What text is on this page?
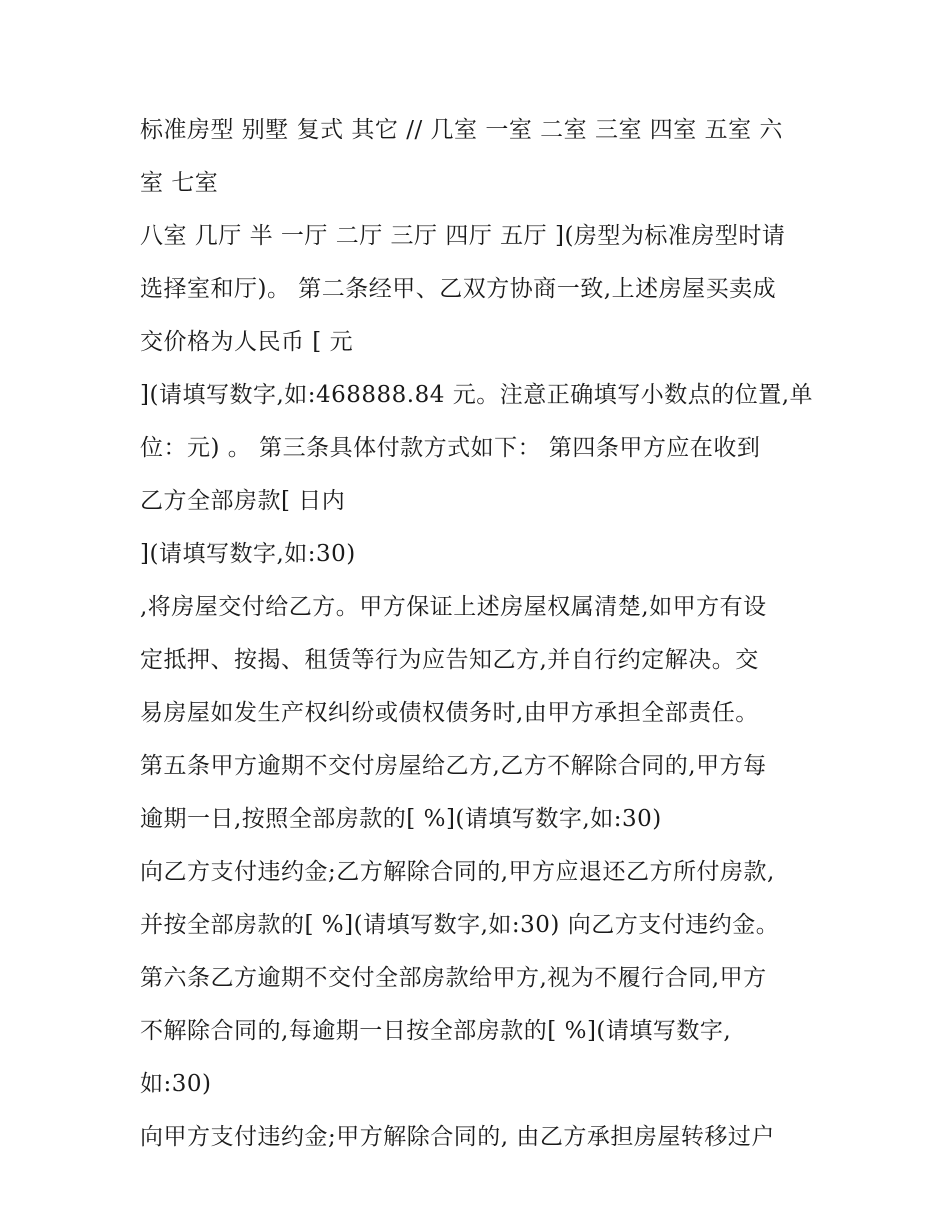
标准房型 别墅 复式 其它 // 几室 一室 二室 三室 四室 五室 六
室 七室
八室 几厅 半 一厅 二厅 三厅 四厅 五厅 ](房型为标准房型时请
选择室和厅)。 第二条经甲、乙双方协商一致,上述房屋买卖成
交价格为人民币 [ 元
](请填写数字,如:468888.84 元。注意正确填写小数点的位置,单
位：元) 。 第三条具体付款方式如下： 第四条甲方应在收到
乙方全部房款[ 日内
](请填写数字,如:30)
,将房屋交付给乙方。甲方保证上述房屋权属清楚,如甲方有设
定抵押、按揭、租赁等行为应告知乙方,并自行约定解决。交
易房屋如发生产权纠纷或债权债务时,由甲方承担全部责任。
第五条甲方逾期不交付房屋给乙方,乙方不解除合同的,甲方每
逾期一日,按照全部房款的[ %](请填写数字,如:30)
向乙方支付违约金;乙方解除合同的,甲方应退还乙方所付房款,
并按全部房款的[ %](请填写数字,如:30) 向乙方支付违约金。
第六条乙方逾期不交付全部房款给甲方,视为不履行合同,甲方
不解除合同的,每逾期一日按全部房款的[ %](请填写数字,
如:30)
向甲方支付违约金;甲方解除合同的, 由乙方承担房屋转移过户
